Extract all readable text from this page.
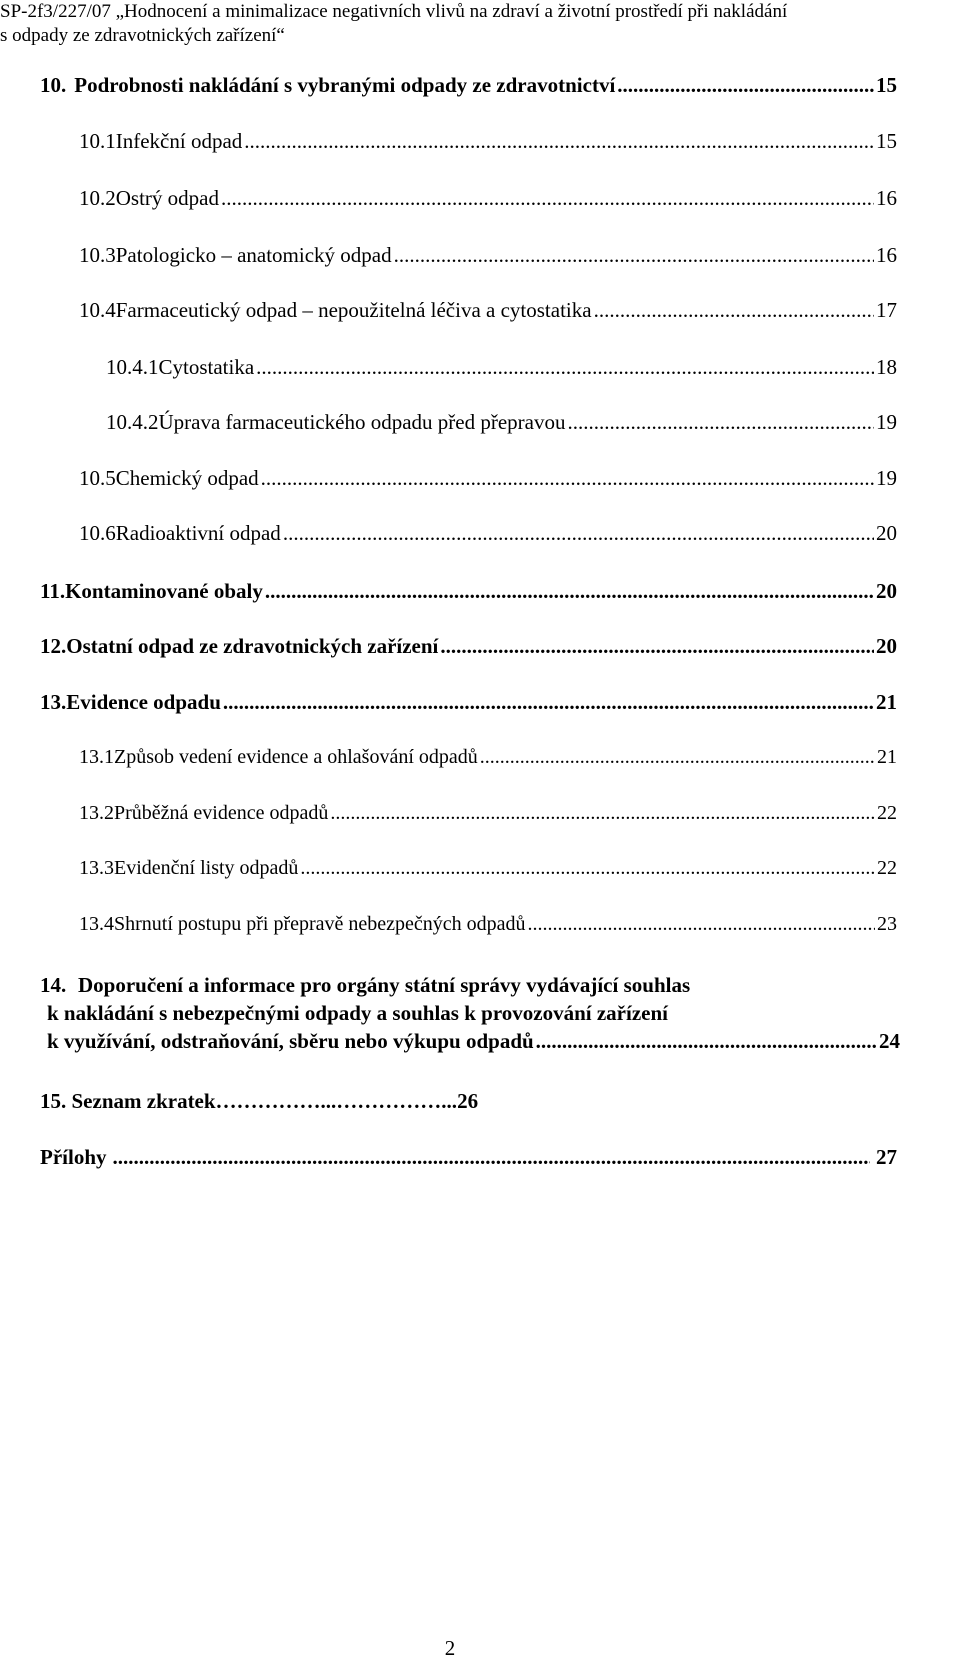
SP-2f3/227/07 „Hodnocení a minimalizace negativních vlivů na zdraví a životní prostředí při nakládání
s odpady ze zdravotnických zařízení“
10. Podrobnosti nakládání s vybranými odpady ze zdravotnictví .....	15
10.1 Infekční odpad .....	15
10.2 Ostrý odpad .....	16
10.3 Patologicko – anatomický odpad .....	16
10.4 Farmaceutický odpad – nepoužitelná léčiva a cytostatika .....	17
10.4.1 Cytostatika .....	18
10.4.2 Úprava farmaceutického odpadu před přepravou .....	19
10.5 Chemický odpad .....	19
10.6 Radioaktivní odpad .....	20
11. Kontaminované obaly .....	20
12. Ostatní odpad ze zdravotnických zařízení .....	20
13. Evidence odpadu .....	21
13.1 Způsob vedení evidence a ohlašování odpadů .....	21
13.2 Průběžná evidence odpadů .....	22
13.3 Evidenční listy odpadů .....	22
13.4 Shrnutí postupu při přepravě nebezpečných odpadů .....	23
14. Doporučení a informace pro orgány státní správy vydávající souhlas
k nakládání s nebezpečnými odpady a souhlas k provozování zařízení
k využívání, odstraňování, sběru nebo výkupu odpadů .....	24
15. Seznam zkratek……………...……………... 26
Přílohy .....	27
2
